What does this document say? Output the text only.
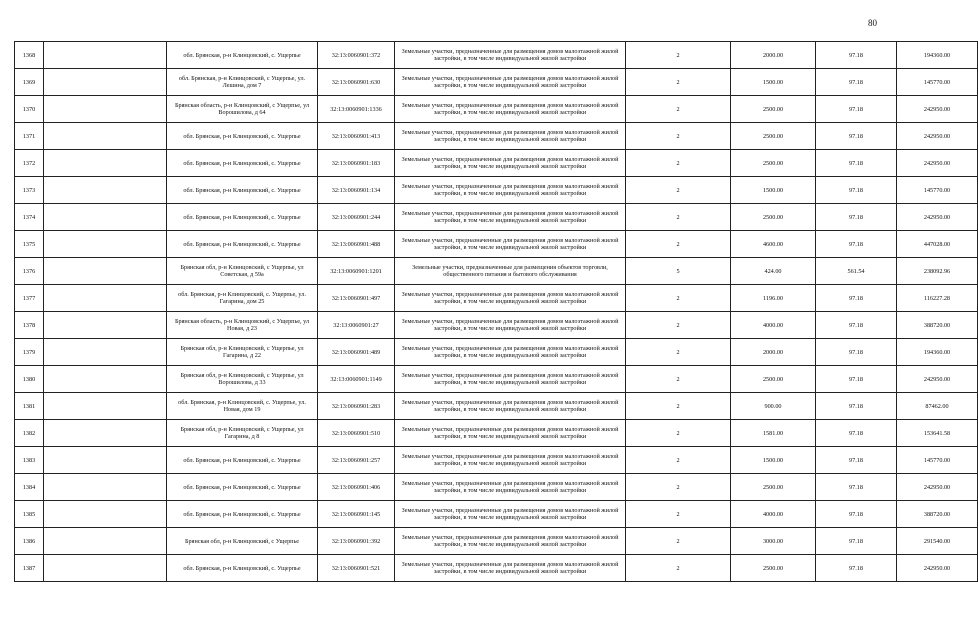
80
1368		обл. Брянская, р-н Клинцовский, с. Ущерпье	32:13:0060901:372	Земельные участки, предназначенные для размещения домов малоэтажной жилой застройки, в том числе индивидуальной жилой застройки	2	2000.00	97.18	194360.00
1369		обл. Брянская, р-н Клинцовский, с Ущерпье, ул. Лешина, дом 7	32:13:0060901:630	Земельные участки, предназначенные для размещения домов малоэтажной жилой застройки, в том числе индивидуальной жилой застройки	2	1500.00	97.18	145770.00
1370		Брянская область, р-н Клинцовский, с Ущерпье, ул Ворошилова, д 64	32:13:0060901:1336	Земельные участки, предназначенные для размещения домов малоэтажной жилой застройки, в том числе индивидуальной жилой застройки	2	2500.00	97.18	242950.00
1371		обл. Брянская, р-н Клинцовский, с. Ущерпье	32:13:0060901:413	Земельные участки, предназначенные для размещения домов малоэтажной жилой застройки, в том числе индивидуальной жилой застройки	2	2500.00	97.18	242950.00
1372		обл. Брянская, р-н Клинцовский, с. Ущерпье	32:13:0060901:183	Земельные участки, предназначенные для размещения домов малоэтажной жилой застройки, в том числе индивидуальной жилой застройки	2	2500.00	97.18	242950.00
1373		обл. Брянская, р-н Клинцовский, с. Ущерпье	32:13:0060901:134	Земельные участки, предназначенные для размещения домов малоэтажной жилой застройки, в том числе индивидуальной жилой застройки	2	1500.00	97.18	145770.00
1374		обл. Брянская, р-н Клинцовский, с. Ущерпье	32:13:0060901:244	Земельные участки, предназначенные для размещения домов малоэтажной жилой застройки, в том числе индивидуальной жилой застройки	2	2500.00	97.18	242950.00
1375		обл. Брянская, р-н Клинцовский, с. Ущерпье	32:13:0060901:488	Земельные участки, предназначенные для размещения домов малоэтажной жилой застройки, в том числе индивидуальной жилой застройки	2	4600.00	97.18	447028.00
1376		Брянская обл, р-н Клинцовский, с Ущерпье, ул Советская, д 59а	32:13:0060901:1201	Земельные участки, предназначенные для размещения объектов торговли, общественного питания и бытового обслуживания	5	424.00	561.54	238092.96
1377		обл. Брянская, р-н Клинцовский, с. Ущерпье, ул. Гагарина, дом 25	32:13:0060901:497	Земельные участки, предназначенные для размещения домов малоэтажной жилой застройки, в том числе индивидуальной жилой застройки	2	1196.00	97.18	116227.28
1378		Брянская область, р-н Клинцовский, с Ущерпье, ул Новая, д 23	32:13:0060901:27	Земельные участки, предназначенные для размещения домов малоэтажной жилой застройки, в том числе индивидуальной жилой застройки	2	4000.00	97.18	388720.00
1379		Брянская обл, р-н Клинцовский, с Ущерпье, ул Гагарина, д 22	32:13:0060901:489	Земельные участки, предназначенные для размещения домов малоэтажной жилой застройки, в том числе индивидуальной жилой застройки	2	2000.00	97.18	194360.00
1380		Брянская обл, р-н Клинцовский, с Ущерпье, ул Ворошилова, д 33	32:13:0060901:1149	Земельные участки, предназначенные для размещения домов малоэтажной жилой застройки, в том числе индивидуальной жилой застройки	2	2500.00	97.18	242950.00
1381		обл. Брянская, р-н Клинцовский, с. Ущерпье, ул. Новая, дом 19	32:13:0060901:283	Земельные участки, предназначенные для размещения домов малоэтажной жилой застройки, в том числе индивидуальной жилой застройки	2	900.00	97.18	87462.00
1382		Брянская обл, р-н Клинцовский, с Ущерпье, ул Гагарина, д 8	32:13:0060901:510	Земельные участки, предназначенные для размещения домов малоэтажной жилой застройки, в том числе индивидуальной жилой застройки	2	1581.00	97.18	153641.58
1383		обл. Брянская, р-н Клинцовский, с. Ущерпье	32:13:0060901:257	Земельные участки, предназначенные для размещения домов малоэтажной жилой застройки, в том числе индивидуальной жилой застройки	2	1500.00	97.18	145770.00
1384		обл. Брянская, р-н Клинцовский, с. Ущерпье	32:13:0060901:406	Земельные участки, предназначенные для размещения домов малоэтажной жилой застройки, в том числе индивидуальной жилой застройки	2	2500.00	97.18	242950.00
1385		обл. Брянская, р-н Клинцовский, с. Ущерпье	32:13:0060901:145	Земельные участки, предназначенные для размещения домов малоэтажной жилой застройки, в том числе индивидуальной жилой застройки	2	4000.00	97.18	388720.00
1386		Брянская обл, р-н Клинцовский, с Ущерпье	32:13:0060901:392	Земельные участки, предназначенные для размещения домов малоэтажной жилой застройки, в том числе индивидуальной жилой застройки	2	3000.00	97.18	291540.00
1387		обл. Брянская, р-н Клинцовский, с. Ущерпье	32:13:0060901:521	Земельные участки, предназначенные для размещения домов малоэтажной жилой застройки, в том числе индивидуальной жилой застройки	2	2500.00	97.18	242950.00
